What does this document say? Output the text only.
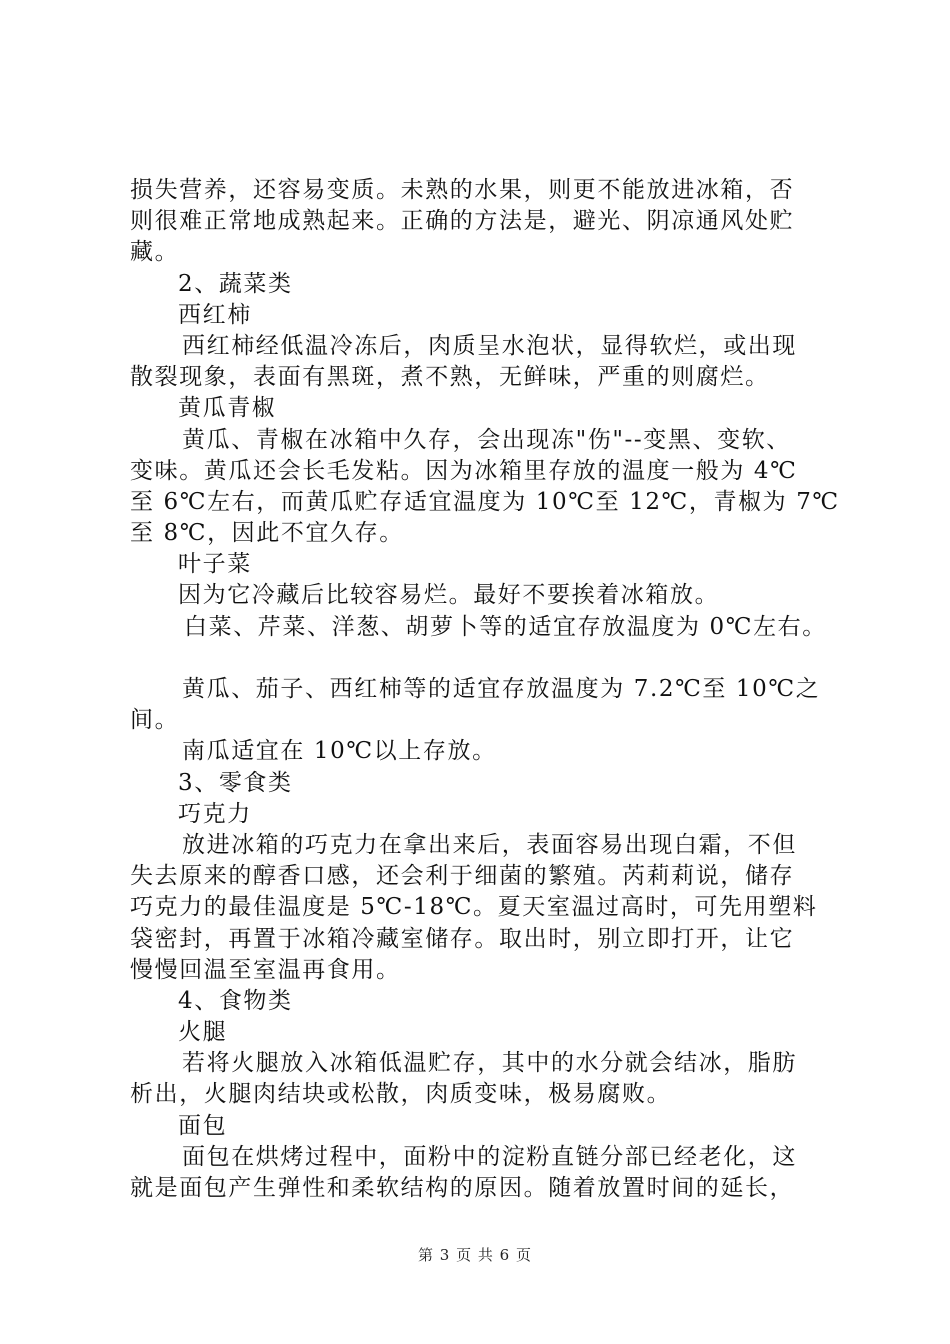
损失营养，还容易变质。未熟的水果，则更不能放进冰箱，否
则很难正常地成熟起来。正确的方法是，避光、阴凉通风处贮
藏。
2、蔬菜类
西红柿
西红柿经低温冷冻后，肉质呈水泡状，显得软烂，或出现
散裂现象，表面有黑斑，煮不熟，无鲜味，严重的则腐烂。
黄瓜青椒
黄瓜、青椒在冰箱中久存，会出现冻"伤"--变黑、变软、
变味。黄瓜还会长毛发粘。因为冰箱里存放的温度一般为 4℃
至 6℃左右，而黄瓜贮存适宜温度为 10℃至 12℃，青椒为 7℃
至 8℃，因此不宜久存。
叶子菜
因为它冷藏后比较容易烂。最好不要挨着冰箱放。
白菜、芹菜、洋葱、胡萝卜等的适宜存放温度为 0℃左右。
黄瓜、茄子、西红柿等的适宜存放温度为 7.2℃至 10℃之
间。
南瓜适宜在 10℃以上存放。
3、零食类
巧克力
放进冰箱的巧克力在拿出来后，表面容易出现白霜，不但
失去原来的醇香口感，还会利于细菌的繁殖。芮莉莉说，储存
巧克力的最佳温度是 5℃-18℃。夏天室温过高时，可先用塑料
袋密封，再置于冰箱冷藏室储存。取出时，别立即打开，让它
慢慢回温至室温再食用。
4、食物类
火腿
若将火腿放入冰箱低温贮存，其中的水分就会结冰，脂肪
析出，火腿肉结块或松散，肉质变味，极易腐败。
面包
面包在烘烤过程中，面粉中的淀粉直链分部已经老化，这
就是面包产生弹性和柔软结构的原因。随着放置时间的延长，
第 3 页 共 6 页
